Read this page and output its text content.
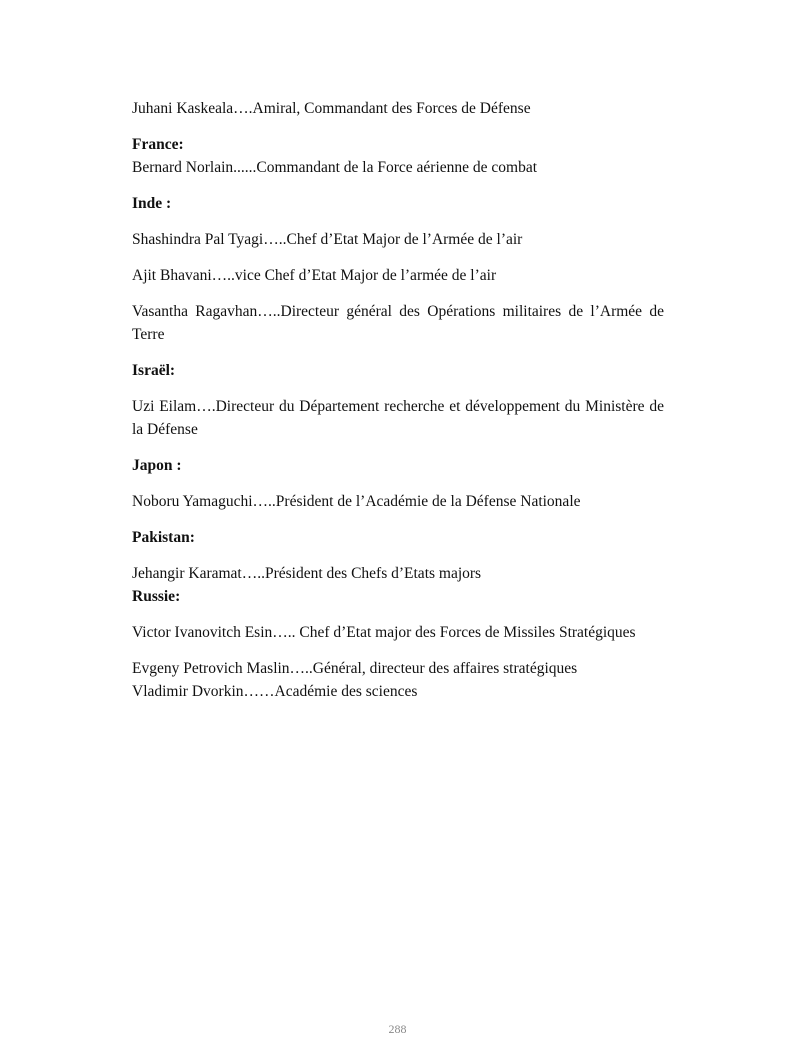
Juhani Kaskeala….Amiral, Commandant des Forces de Défense

France:

Bernard Norlain......Commandant de la Force aérienne de combat

Inde :

Shashindra Pal Tyagi…..Chef d’Etat Major de l’Armée de l’air

Ajit Bhavani…..vice Chef d’Etat Major de l’armée de l’air

Vasantha Ragavhan…..Directeur général des Opérations militaires de l’Armée de Terre

Israël:

Uzi Eilam….Directeur du Département recherche et développement du Ministère de la Défense

Japon :

Noboru Yamaguchi…..Président de l’Académie de la Défense Nationale

Pakistan:

Jehangir Karamat…..Président des Chefs d’Etats majors

Russie:

Victor Ivanovitch Esin….. Chef d’Etat major des Forces de Missiles Stratégiques

Evgeny Petrovich Maslin…..Général, directeur des affaires stratégiques

Vladimir Dvorkin……Académie des sciences

288
